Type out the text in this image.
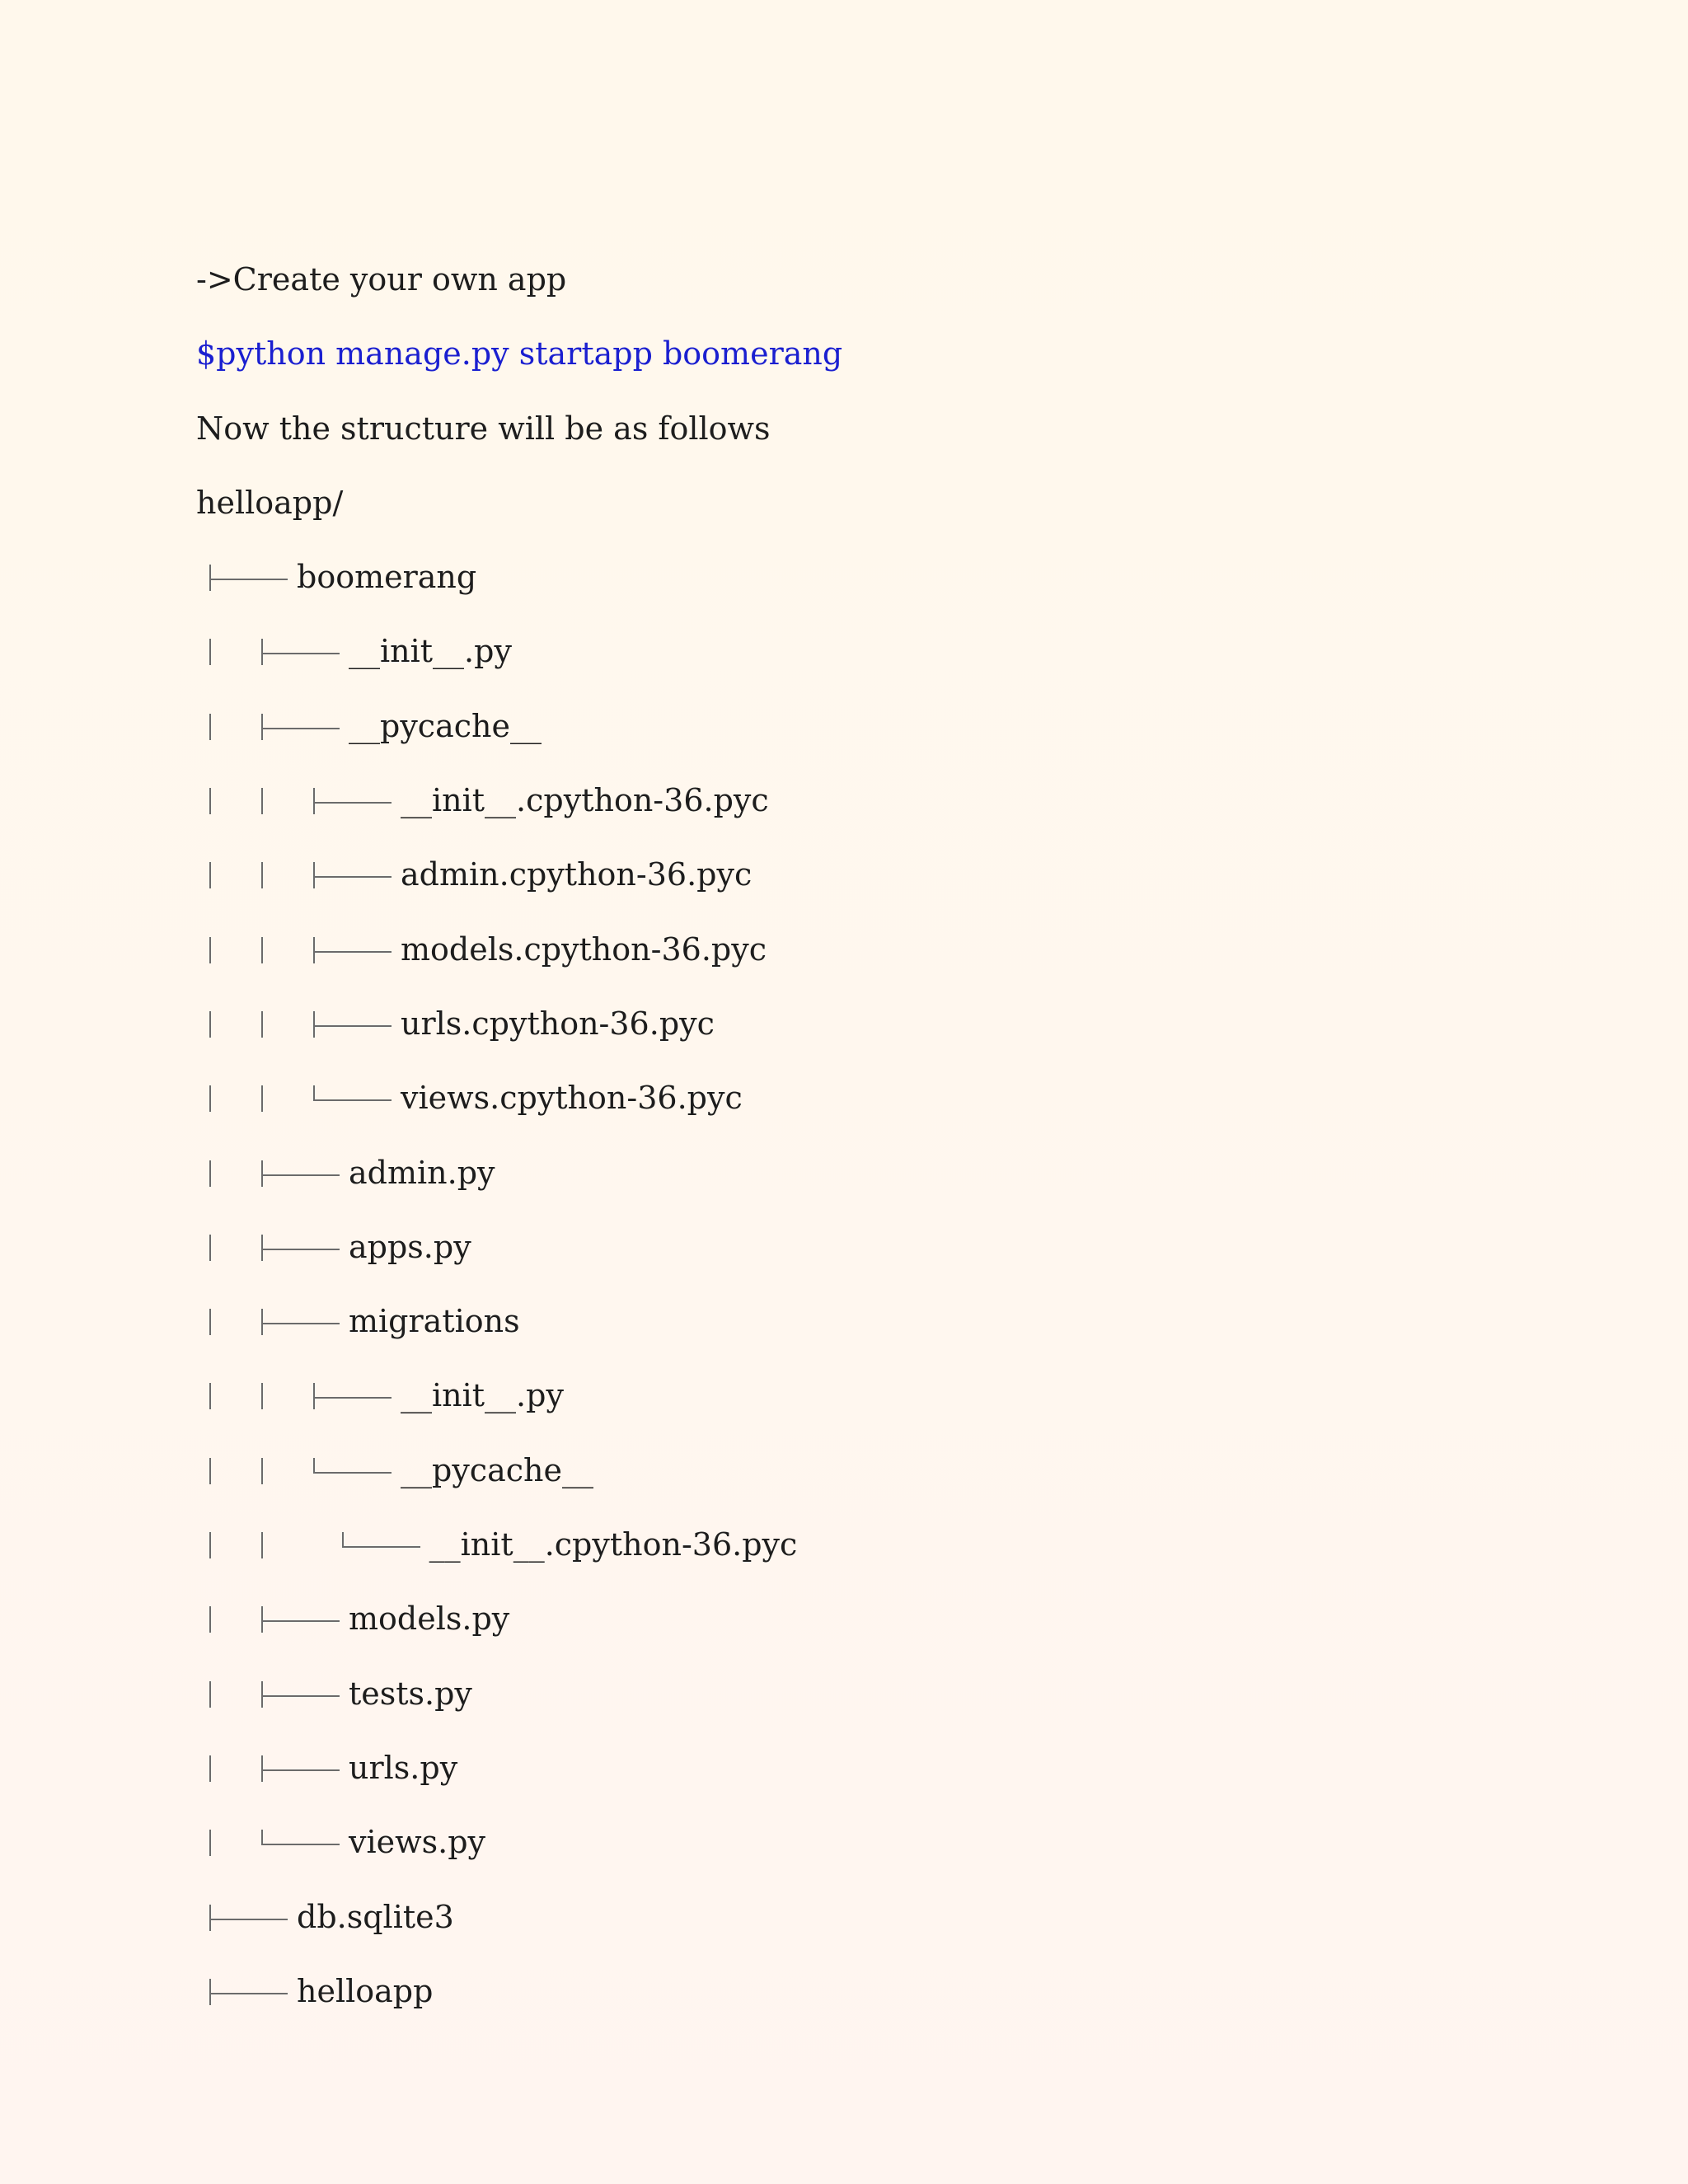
->Create your own app
$python manage.py startapp boomerang
Now the structure will be as follows
helloapp/
boomerang
__init__.py
__pycache__
__init__.cpython-36.pyc
admin.cpython-36.pyc
models.cpython-36.pyc
urls.cpython-36.pyc
views.cpython-36.pyc
admin.py
apps.py
migrations
__init__.py
__pycache__
__init__.cpython-36.pyc
models.py
tests.py
urls.py
views.py
db.sqlite3
helloapp
